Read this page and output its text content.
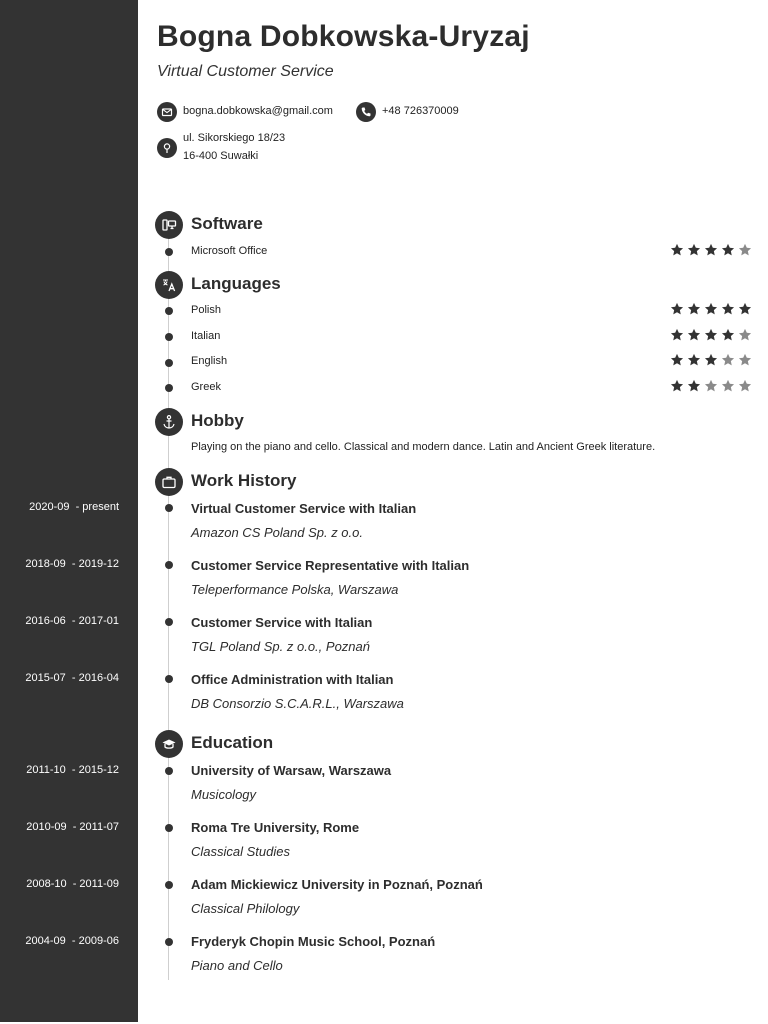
Bogna Dobkowska-Uryzaj
Virtual Customer Service
bogna.dobkowska@gmail.com	+48 726370009
ul. Sikorskiego 18/23
16-400 Suwałki
Software
Microsoft Office
Languages
Polish
Italian
English
Greek
Hobby
Playing on the piano and cello. Classical and modern dance. Latin and Ancient Greek literature.
Work History
2020-09  - present	Virtual Customer Service with Italian
Amazon CS Poland Sp. z o.o.
2018-09  - 2019-12	Customer Service Representative with Italian
Teleperformance Polska, Warszawa
2016-06  - 2017-01	Customer Service with Italian
TGL Poland Sp. z o.o., Poznań
2015-07  - 2016-04	Office Administration with Italian
DB Consorzio S.C.A.R.L., Warszawa
Education
2011-10  - 2015-12	University of Warsaw, Warszawa
Musicology
2010-09  - 2011-07	Roma Tre University, Rome
Classical Studies
2008-10  - 2011-09	Adam Mickiewicz University in Poznań, Poznań
Classical Philology
2004-09  - 2009-06	Fryderyk Chopin Music School, Poznań
Piano and Cello
